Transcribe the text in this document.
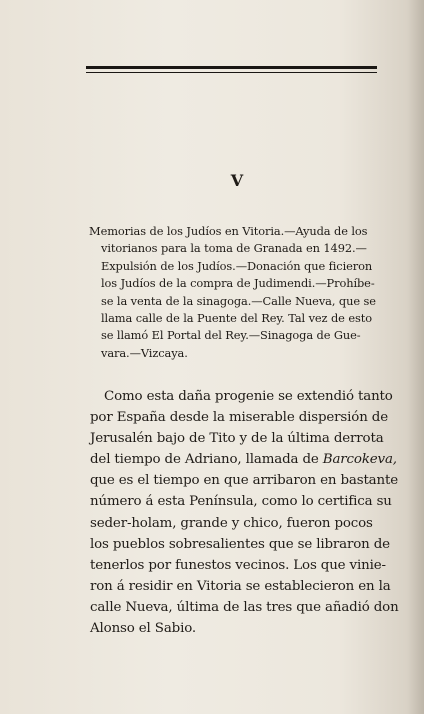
V
Memorias de los Judíos en Vitoria.—Ayuda de los
vitorianos para la toma de Granada en 1492.—
Expulsión de los Judíos.—Donación que ficieron
los Judíos de la compra de Judimendi.—Prohíbe-
se la venta de la sinagoga.—Calle Nueva, que se
llama calle de la Puente del Rey. Tal vez de esto
se llamó El Portal del Rey.—Sinagoga de Gue-
vara.—Vizcaya.
Como esta daña progenie se extendió tanto
por España desde la miserable dispersión de
Jerusalén bajo de Tito y de la última derrota
del tiempo de Adriano, llamada de Barcokeva,
que es el tiempo en que arribaron en bastante
número á esta Península, como lo certifica su
seder-holam, grande y chico, fueron pocos
los pueblos sobresalientes que se libraron de
tenerlos por funestos vecinos. Los que vinie-
ron á residir en Vitoria se establecieron en la
calle Nueva, última de las tres que añadió don
Alonso el Sabio.
